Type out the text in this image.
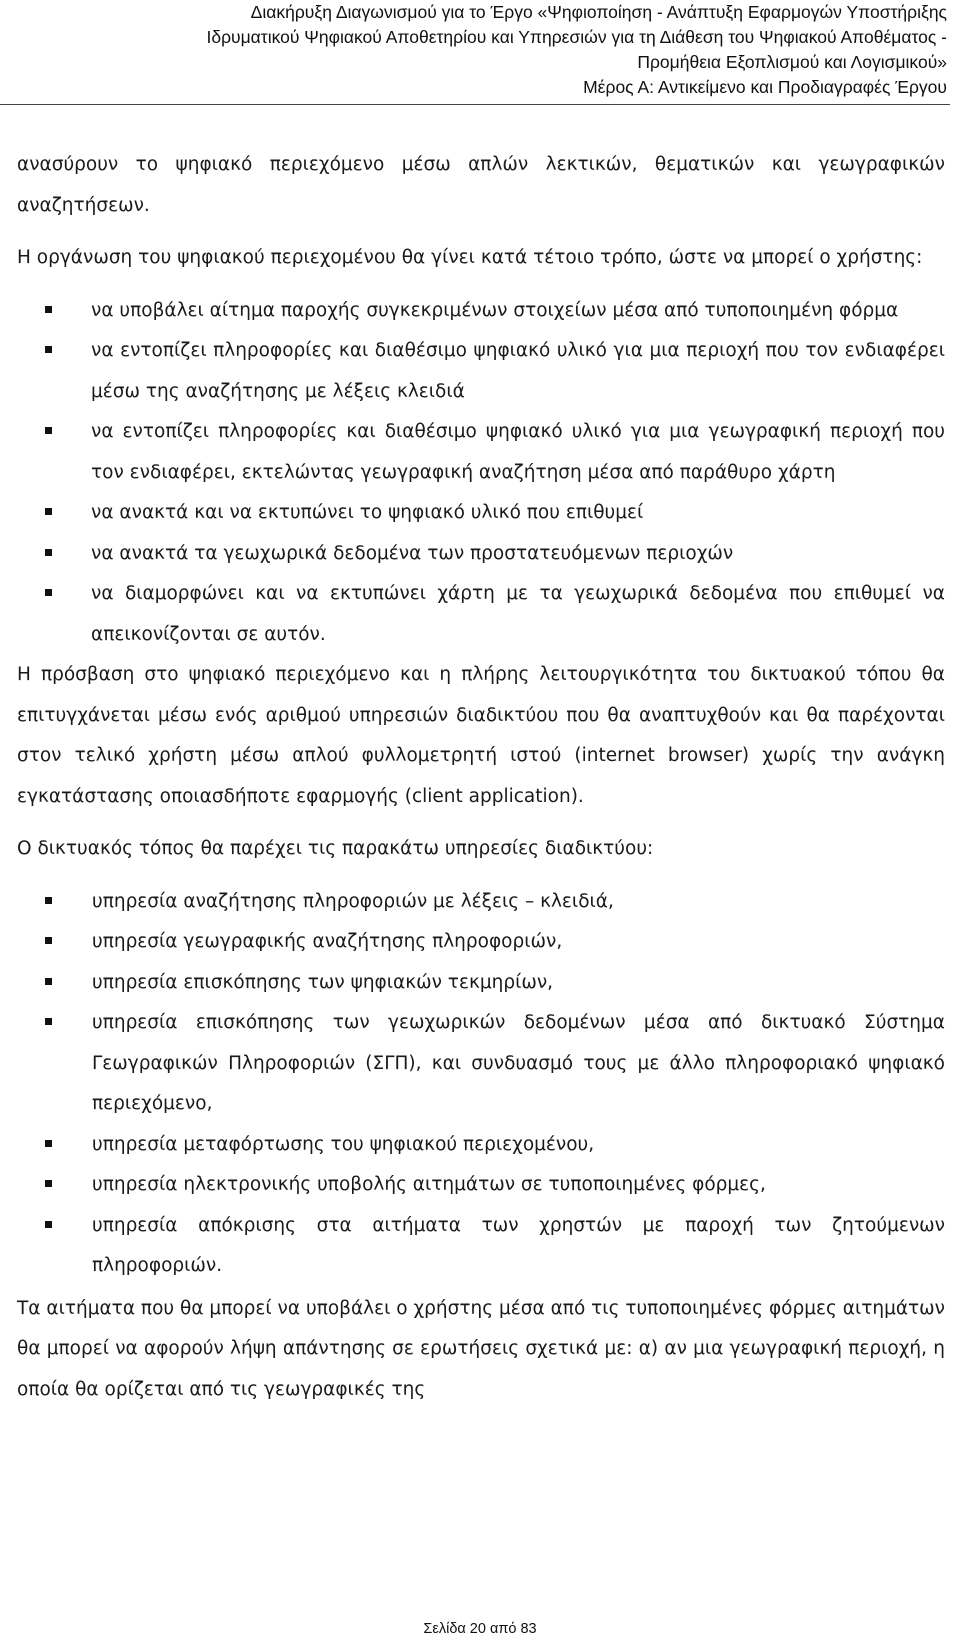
Διακήρυξη Διαγωνισμού για το Έργο «Ψηφιοποίηση - Ανάπτυξη Εφαρμογών Υποστήριξης
Ιδρυματικού Ψηφιακού Αποθετηρίου και Υπηρεσιών για τη Διάθεση του Ψηφιακού Αποθέματος -
Προμήθεια Εξοπλισμού και Λογισμικού»
Μέρος Α: Αντικείμενο και Προδιαγραφές Έργου

ανασύρουν το ψηφιακό περιεχόμενο μέσω απλών λεκτικών, θεματικών και γεωγραφικών αναζητήσεων.

Η οργάνωση του ψηφιακού περιεχομένου θα γίνει κατά τέτοιο τρόπο, ώστε να μπορεί ο χρήστης:

να υποβάλει αίτημα παροχής συγκεκριμένων στοιχείων μέσα από τυποποιημένη φόρμα
να εντοπίζει πληροφορίες και διαθέσιμο ψηφιακό υλικό για μια περιοχή που τον ενδιαφέρει μέσω της αναζήτησης με λέξεις κλειδιά
να εντοπίζει πληροφορίες και διαθέσιμο ψηφιακό υλικό για μια γεωγραφική περιοχή που τον ενδιαφέρει, εκτελώντας γεωγραφική αναζήτηση μέσα από παράθυρο χάρτη
να ανακτά και να εκτυπώνει το ψηφιακό υλικό που επιθυμεί
να ανακτά τα γεωχωρικά δεδομένα των προστατευόμενων περιοχών
να διαμορφώνει και να εκτυπώνει χάρτη με τα γεωχωρικά δεδομένα που επιθυμεί να απεικονίζονται σε αυτόν.

Η πρόσβαση στο ψηφιακό περιεχόμενο και η πλήρης λειτουργικότητα του δικτυακού τόπου θα επιτυγχάνεται μέσω ενός αριθμού υπηρεσιών διαδικτύου που θα αναπτυχθούν και θα παρέχονται στον τελικό χρήστη μέσω απλού φυλλομετρητή ιστού (internet browser) χωρίς την ανάγκη εγκατάστασης οποιασδήποτε εφαρμογής (client application).

Ο δικτυακός τόπος θα παρέχει τις παρακάτω υπηρεσίες διαδικτύου:

υπηρεσία αναζήτησης πληροφοριών με λέξεις – κλειδιά,
υπηρεσία γεωγραφικής αναζήτησης πληροφοριών,
υπηρεσία επισκόπησης των ψηφιακών τεκμηρίων,
υπηρεσία επισκόπησης των γεωχωρικών δεδομένων μέσα από δικτυακό Σύστημα Γεωγραφικών Πληροφοριών (ΣΓΠ), και συνδυασμό τους με άλλο πληροφοριακό ψηφιακό περιεχόμενο,
υπηρεσία μεταφόρτωσης του ψηφιακού περιεχομένου,
υπηρεσία ηλεκτρονικής υποβολής αιτημάτων σε τυποποιημένες φόρμες,
υπηρεσία απόκρισης στα αιτήματα των χρηστών με παροχή των ζητούμενων πληροφοριών.

Τα αιτήματα που θα μπορεί να υποβάλει ο χρήστης μέσα από τις τυποποιημένες φόρμες αιτημάτων θα μπορεί να αφορούν λήψη απάντησης σε ερωτήσεις σχετικά με: α) αν μια γεωγραφική περιοχή, η οποία θα ορίζεται από τις γεωγραφικές της

Σελίδα 20 από 83
